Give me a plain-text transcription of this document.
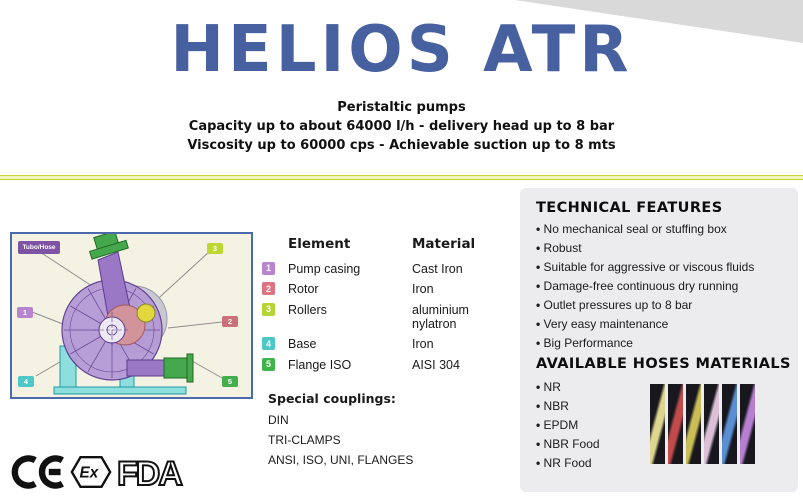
HELIOS ATR
Peristaltic pumps
Capacity up to about 64000 l/h - delivery head up to 8 bar
Viscosity up to 60000 cps - Achievable suction up to 8 mts
Tubo/Hose
1
2
3
4	5
Element	Material
1	Pump casing	Cast Iron
2	Rotor	Iron
3	Rollers	aluminium nylatron
4	Base	Iron
5	Flange ISO	AISI 304
Special couplings:
DIN
TRI-CLAMPS
ANSI, ISO, UNI, FLANGES
TECHNICAL FEATURES
• No mechanical seal or stuffing box
• Robust
• Suitable for aggressive or viscous fluids
• Damage-free continuous dry running
• Outlet pressures up to 8 bar
• Very easy maintenance
• Big Performance
AVAILABLE HOSES MATERIALS
• NR
• NBR
• EPDM
• NBR Food
• NR Food
Ex FDA
